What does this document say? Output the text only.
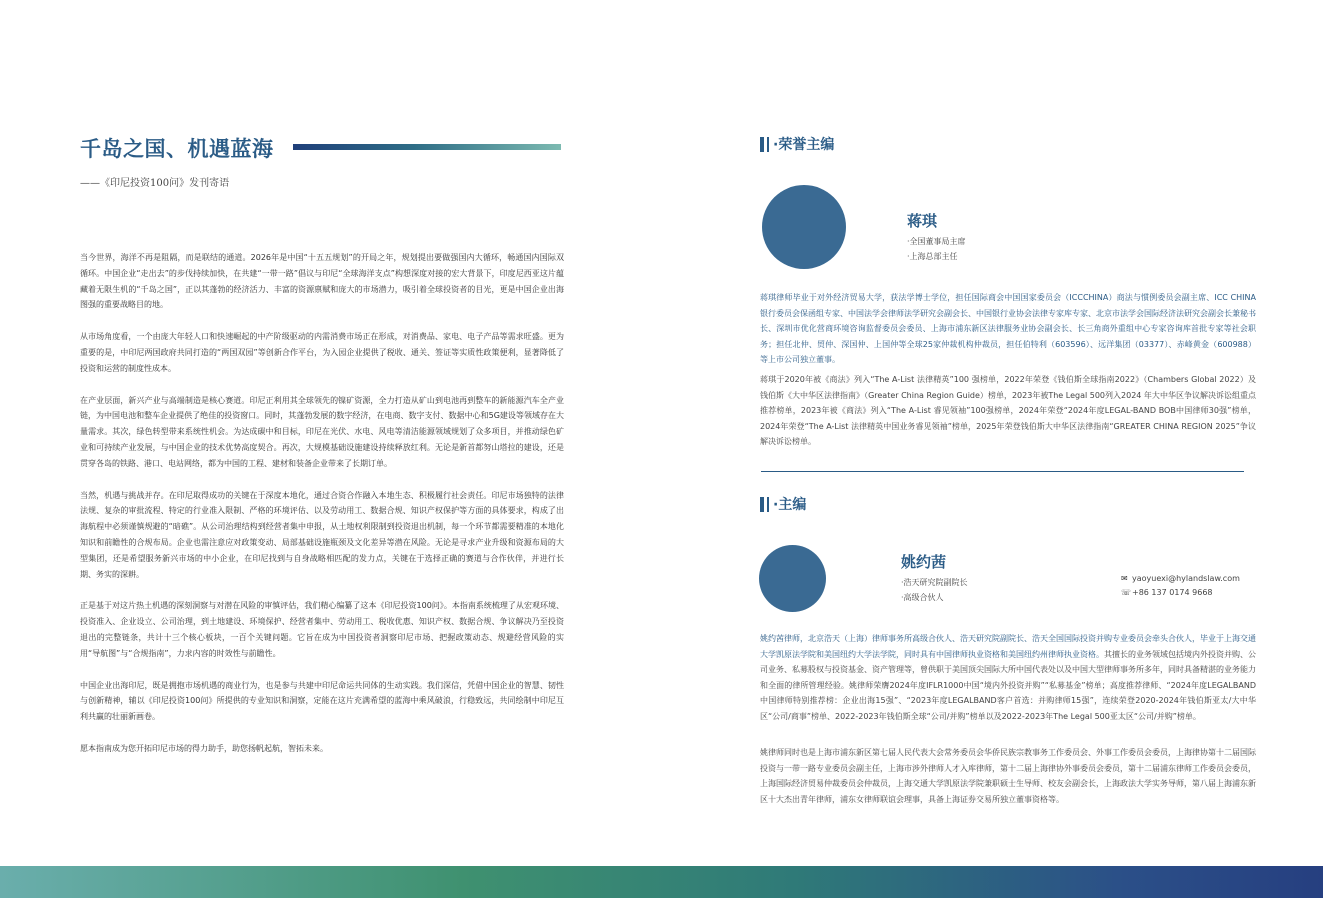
千岛之国、机遇蓝海
——《印尼投资100问》发刊寄语

当今世界，海洋不再是阻隔，而是联结的通道。2026年是中国“十五五规划”的开局之年，规划提出要做强国内大循环，畅通国内国际双循环。中国企业“走出去”的步伐持续加快，在共建“一带一路”倡议与印尼“全球海洋支点”构想深度对接的宏大背景下，印度尼西亚这片蕴藏着无限生机的“千岛之国”，正以其蓬勃的经济活力、丰富的资源禀赋和庞大的市场潜力，吸引着全球投资者的目光，更是中国企业出海图强的重要战略目的地。

从市场角度看，一个由庞大年轻人口和快速崛起的中产阶级驱动的内需消费市场正在形成，对消费品、家电、电子产品等需求旺盛。更为重要的是，中印尼两国政府共同打造的“两国双园”等创新合作平台，为入园企业提供了税收、通关、签证等实质性政策便利，显著降低了投资和运营的制度性成本。

在产业层面，新兴产业与高端制造是核心赛道。印尼正利用其全球领先的镍矿资源，全力打造从矿山到电池再到整车的新能源汽车全产业链，为中国电池和整车企业提供了绝佳的投资窗口。同时，其蓬勃发展的数字经济，在电商、数字支付、数据中心和5G建设等领域存在大量需求。其次，绿色转型带来系统性机会。为达成碳中和目标，印尼在光伏、水电、风电等清洁能源领域规划了众多项目，并推动绿色矿业和可持续产业发展，与中国企业的技术优势高度契合。再次，大规模基础设施建设持续释放红利。无论是新首都努山塔拉的建设，还是贯穿各岛的铁路、港口、电站网络，都为中国的工程、建材和装备企业带来了长期订单。

当然，机遇与挑战并存。在印尼取得成功的关键在于深度本地化，通过合资合作融入本地生态、积极履行社会责任。印尼市场独特的法律法规、复杂的审批流程、特定的行业准入限制、严格的环境评估、以及劳动用工、数据合规、知识产权保护等方面的具体要求，构成了出海航程中必须谨慎规避的“暗礁”。从公司治理结构到经营者集中申报，从土地权利限制到投资退出机制，每一个环节都需要精准的本地化知识和前瞻性的合规布局。企业也需注意应对政策变动、局部基础设施瓶颈及文化差异等潜在风险。无论是寻求产业升级和资源布局的大型集团，还是希望服务新兴市场的中小企业，在印尼找到与自身战略相匹配的发力点，关键在于选择正确的赛道与合作伙伴，并进行长期、务实的深耕。

正是基于对这片热土机遇的深刻洞察与对潜在风险的审慎评估，我们精心编纂了这本《印尼投资100问》。本指南系统梳理了从宏观环境、投资准入、企业设立、公司治理，到土地建设、环境保护、经营者集中、劳动用工、税收优惠、知识产权、数据合规、争议解决乃至投资退出的完整链条，共计十三个核心板块，一百个关键问题。它旨在成为中国投资者洞察印尼市场、把握政策动态、规避经营风险的实用“导航图”与“合规指南”，力求内容的时效性与前瞻性。

中国企业出海印尼，既是拥抱市场机遇的商业行为，也是参与共建中印尼命运共同体的生动实践。我们深信，凭借中国企业的智慧、韧性与创新精神，辅以《印尼投资100问》所提供的专业知识和洞察，定能在这片充满希望的蓝海中乘风破浪，行稳致远，共同绘制中印尼互利共赢的壮丽新画卷。

愿本指南成为您开拓印尼市场的得力助手，助您扬帆起航，智拓未来。

·荣誉主编
蒋琪
·全国董事局主席
·上海总部主任
蒋琪律师毕业于对外经济贸易大学，获法学博士学位，担任国际商会中国国家委员会（ICCCHINA）商法与惯例委员会副主席、ICC CHINA银行委员会保函组专家、中国法学会律师法学研究会副会长、中国银行业协会法律专家库专家、北京市法学会国际经济法研究会副会长兼秘书长、深圳市优化营商环境咨询监督委员会委员、上海市浦东新区法律服务业协会副会长、长三角商外重组中心专家咨询库首批专家等社会职务；担任北仲、贸仲、深国仲、上国仲等全球25家仲裁机构仲裁员，担任伯特利（603596）、远洋集团（03377）、赤峰黄金（600988）等上市公司独立董事。
蒋琪于2020年被《商法》列入“The A-List 法律精英”100 强榜单，2022年荣登《钱伯斯全球指南2022》（Chambers Global 2022）及钱伯斯《大中华区法律指南》（Greater China Region Guide）榜单，2023年被The Legal 500列入2024 年大中华区争议解决诉讼组重点推荐榜单，2023年被《商法》列入“The A-List 睿见领袖”100强榜单，2024年荣登“2024年度LEGAL-BAND BOB中国律师30强”榜单，2024年荣登“The A-List 法律精英中国业务睿见领袖”榜单，2025年荣登钱伯斯大中华区法律指南“GREATER CHINA REGION 2025”争议解决诉讼榜单。
·主编
姚约茜
·浩天研究院副院长
·高级合伙人
✉ yaoyuexi@hylandslaw.com
☏ +86 137 0174 9668
姚约茜律师，北京浩天（上海）律师事务所高级合伙人、浩天研究院副院长、浩天全国国际投资并购专业委员会牵头合伙人，毕业于上海交通大学凯原法学院和美国纽约大学法学院，同时具有中国律师执业资格和美国纽约州律师执业资格。其擅长的业务领域包括境内外投资并购、公司业务、私募股权与投资基金、资产管理等，曾供职于美国顶尖国际大所中国代表处以及中国大型律师事务所多年，同时具备精湛的业务能力和全面的律所管理经验。姚律师荣膺2024年度IFLR1000中国“境内外投资并购”“私募基金”榜单；高度推荐律师、“2024年度LEGALBAND中国律师特别推荐榜：企业出海15强”、“2023年度LEGALBAND客户首选：并购律师15强”，连续荣登2020-2024年钱伯斯亚太/大中华区“公司/商事”榜单、2022-2023年钱伯斯全球“公司/并购”榜单以及2022-2023年The Legal 500亚太区“公司/并购”榜单。
姚律师同时也是上海市浦东新区第七届人民代表大会常务委员会华侨民族宗教事务工作委员会、外事工作委员会委员，上海律协第十二届国际投资与一带一路专业委员会副主任，上海市涉外律师人才入库律师，第十二届上海律协外事委员会委员，第十二届浦东律师工作委员会委员，上海国际经济贸易仲裁委员会仲裁员，上海交通大学凯原法学院兼职硕士生导师、校友会副会长，上海政法大学实务导师，第八届上海浦东新区十大杰出青年律师，浦东女律师联谊会理事，具备上海证券交易所独立董事资格等。
